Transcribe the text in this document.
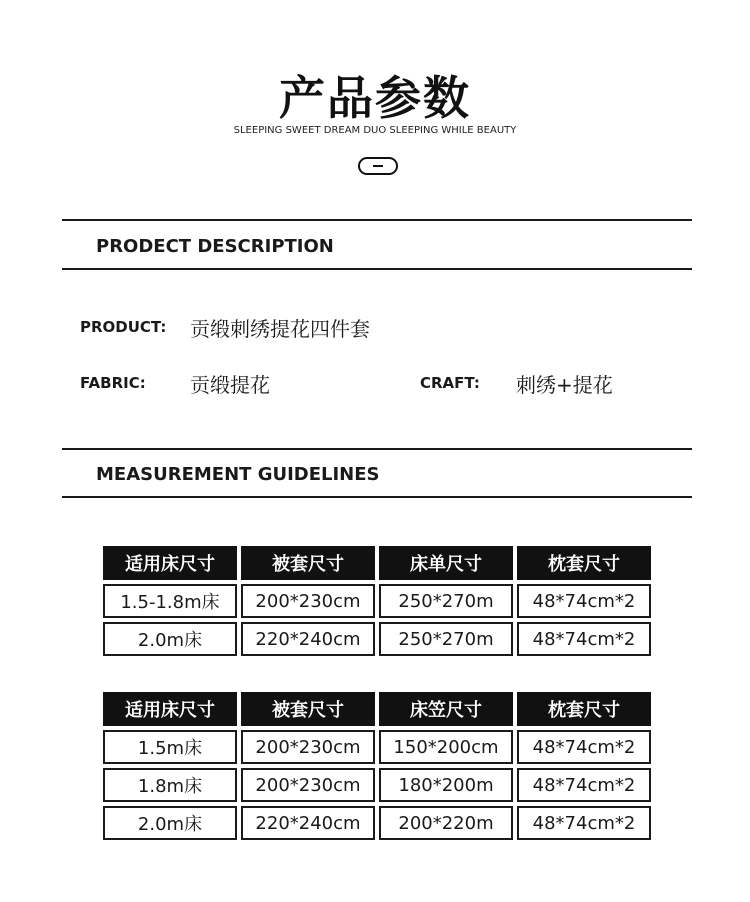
产品参数
SLEEPING SWEET DREAM DUO SLEEPING WHILE BEAUTY
PRODECT DESCRIPTION
PRODUCT: 贡缎刺绣提花四件套
FABRIC: 贡缎提花	CRAFT: 刺绣+提花
MEASUREMENT GUIDELINES
适用床尺寸	被套尺寸	床单尺寸	枕套尺寸
1.5-1.8m床	200*230cm	250*270m	48*74cm*2
2.0m床	220*240cm	250*270m	48*74cm*2
适用床尺寸	被套尺寸	床笠尺寸	枕套尺寸
1.5m床	200*230cm	150*200cm	48*74cm*2
1.8m床	200*230cm	180*200m	48*74cm*2
2.0m床	220*240cm	200*220m	48*74cm*2
